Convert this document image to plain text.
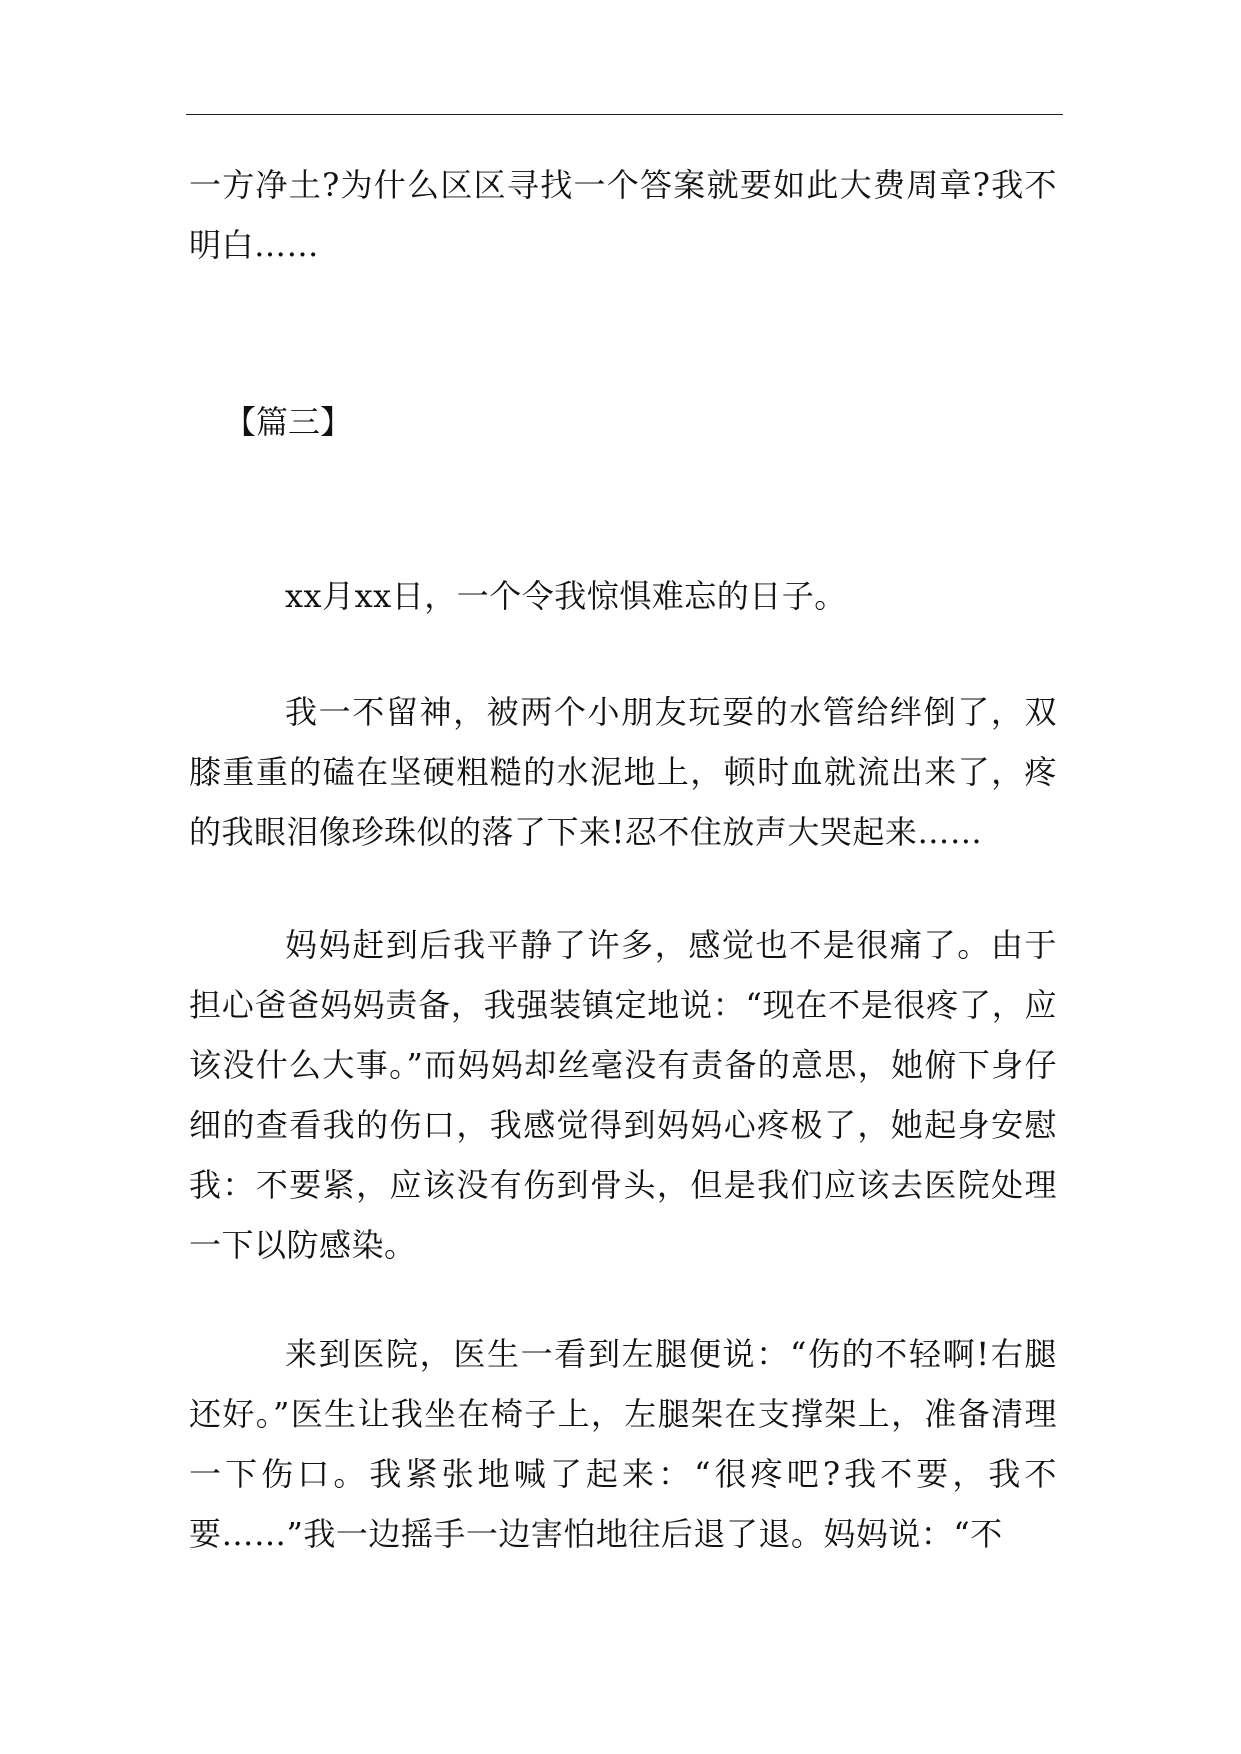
一方净土?为什么区区寻找一个答案就要如此大费周章?我不明白……

【篇三】

xx月xx日，一个令我惊惧难忘的日子。

我一不留神，被两个小朋友玩耍的水管给绊倒了，双膝重重的磕在坚硬粗糙的水泥地上，顿时血就流出来了，疼的我眼泪像珍珠似的落了下来!忍不住放声大哭起来……

妈妈赶到后我平静了许多，感觉也不是很痛了。由于担心爸爸妈妈责备，我强装镇定地说：“现在不是很疼了，应该没什么大事。”而妈妈却丝毫没有责备的意思，她俯下身仔细的查看我的伤口，我感觉得到妈妈心疼极了，她起身安慰我：不要紧，应该没有伤到骨头，但是我们应该去医院处理一下以防感染。

来到医院，医生一看到左腿便说：“伤的不轻啊!右腿还好。”医生让我坐在椅子上，左腿架在支撑架上，准备清理一下伤口。我紧张地喊了起来：“很疼吧?我不要，我不要……”我一边摇手一边害怕地往后退了退。妈妈说：“不
